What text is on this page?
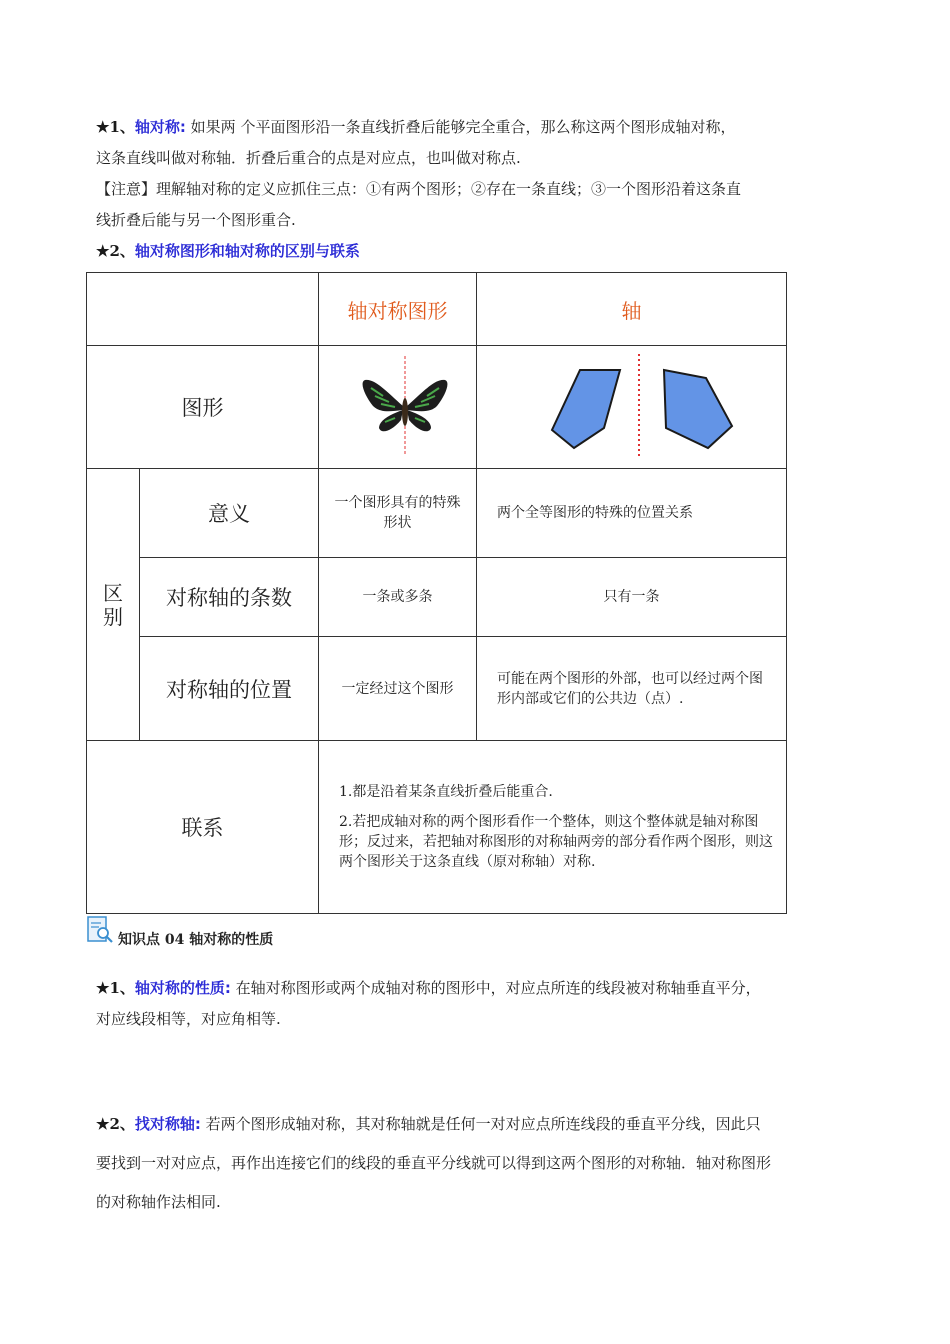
★1、轴对称: 如果两 个平面图形沿一条直线折叠后能够完全重合，那么称这两个图形成轴对称，
这条直线叫做对称轴．折叠后重合的点是对应点，也叫做对称点.
【注意】理解轴对称的定义应抓住三点：①有两个图形；②存在一条直线；③一个图形沿着这条直
线折叠后能与另一个图形重合.
★2、轴对称图形和轴对称的区别与联系
		轴对称图形	轴
图形		

区别	意义	一个图形具有的特殊形状	两个全等图形的特殊的位置关系
	对称轴的条数	一条或多条	只有一条
	对称轴的位置	一定经过这个图形	可能在两个图形的外部，也可以经过两个图形内部或它们的公共边（点）.
联系		1.都是沿着某条直线折叠后能重合.
2.若把成轴对称的两个图形看作一个整体，则这个整体就是轴对称图形；反过来，若把轴对称图形的对称轴两旁的部分看作两个图形，则这两个图形关于这条直线（原对称轴）对称.	
知识点 04 轴对称的性质
★1、轴对称的性质: 在轴对称图形或两个成轴对称的图形中，对应点所连的线段被对称轴垂直平分，
对应线段相等，对应角相等.
★2、找对称轴: 若两个图形成轴对称，其对称轴就是任何一对对应点所连线段的垂直平分线，因此只
要找到一对对应点，再作出连接它们的线段的垂直平分线就可以得到这两个图形的对称轴．轴对称图形
的对称轴作法相同.
